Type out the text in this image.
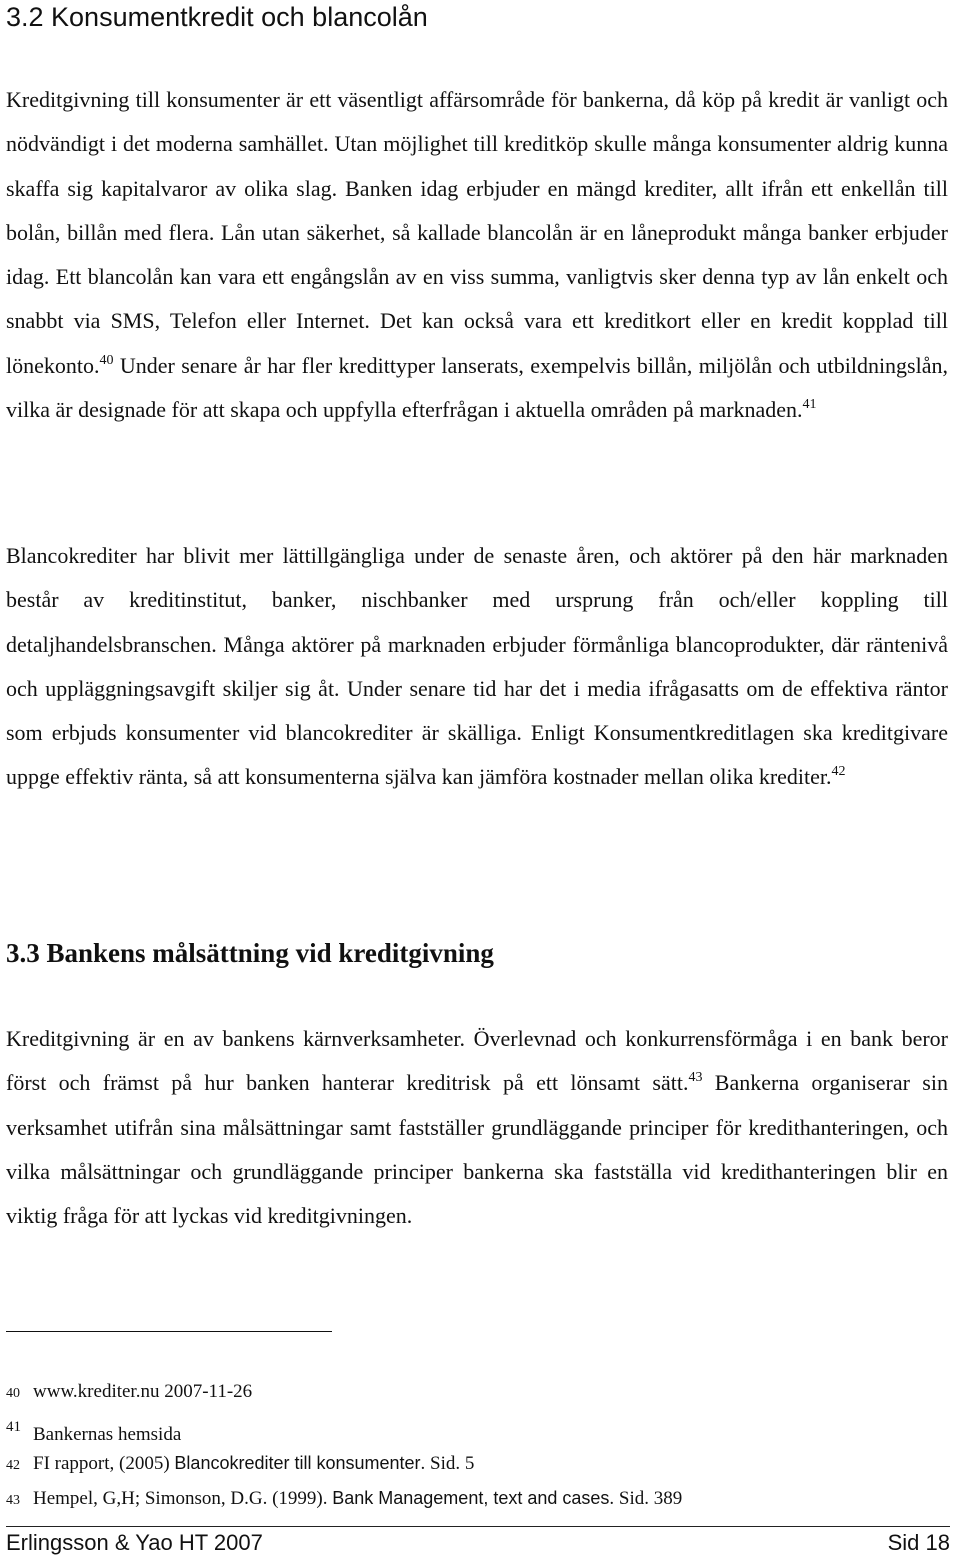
3.2 Konsumentkredit och blancolån

Kreditgivning till konsumenter är ett väsentligt affärsområde för bankerna, då köp på kredit är vanligt och nödvändigt i det moderna samhället. Utan möjlighet till kreditköp skulle många konsumenter aldrig kunna skaffa sig kapitalvaror av olika slag. Banken idag erbjuder en mängd krediter, allt ifrån ett enkellån till bolån, billån med flera. Lån utan säkerhet, så kallade blancolån är en låneprodukt många banker erbjuder idag. Ett blancolån kan vara ett engångslån av en viss summa, vanligtvis sker denna typ av lån enkelt och snabbt via SMS, Telefon eller Internet. Det kan också vara ett kreditkort eller en kredit kopplad till lönekonto.$^{40}$ Under senare år har fler kredittyper lanserats, exempelvis billån, miljölån och utbildningslån, vilka är designade för att skapa och uppfylla efterfrågan i aktuella områden på marknaden.$^{41}$

Blancokrediter har blivit mer lättillgängliga under de senaste åren, och aktörer på den här marknaden består av kreditinstitut, banker, nischbanker med ursprung från och/eller koppling till detaljhandelsbranschen. Många aktörer på marknaden erbjuder förmånliga blancoprodukter, där räntenivå och uppläggningsavgift skiljer sig åt. Under senare tid har det i media ifrågasatts om de effektiva räntor som erbjuds konsumenter vid blancokrediter är skälliga. Enligt Konsumentkreditlagen ska kreditgivare uppge effektiv ränta, så att konsumenterna själva kan jämföra kostnader mellan olika krediter.$^{42}$

3.3 Bankens målsättning vid kreditgivning

Kreditgivning är en av bankens kärnverksamheter. Överlevnad och konkurrensförmåga i en bank beror först och främst på hur banken hanterar kreditrisk på ett lönsamt sätt.$^{43}$ Bankerna organiserar sin verksamhet utifrån sina målsättningar samt fastställer grundläggande principer för kredithanteringen, och vilka målsättningar och grundläggande principer bankerna ska fastställa vid kredithanteringen blir en viktig fråga för att lyckas vid kreditgivningen.

40 www.krediter.nu 2007-11-26
41 Bankernas hemsida
42 FI rapport, (2005) Blancokrediter till konsumenter. Sid. 5
43 Hempel, G,H; Simonson, D.G. (1999). Bank Management, text and cases. Sid. 389
Erlingsson & Yao HT 2007	Sid 18
